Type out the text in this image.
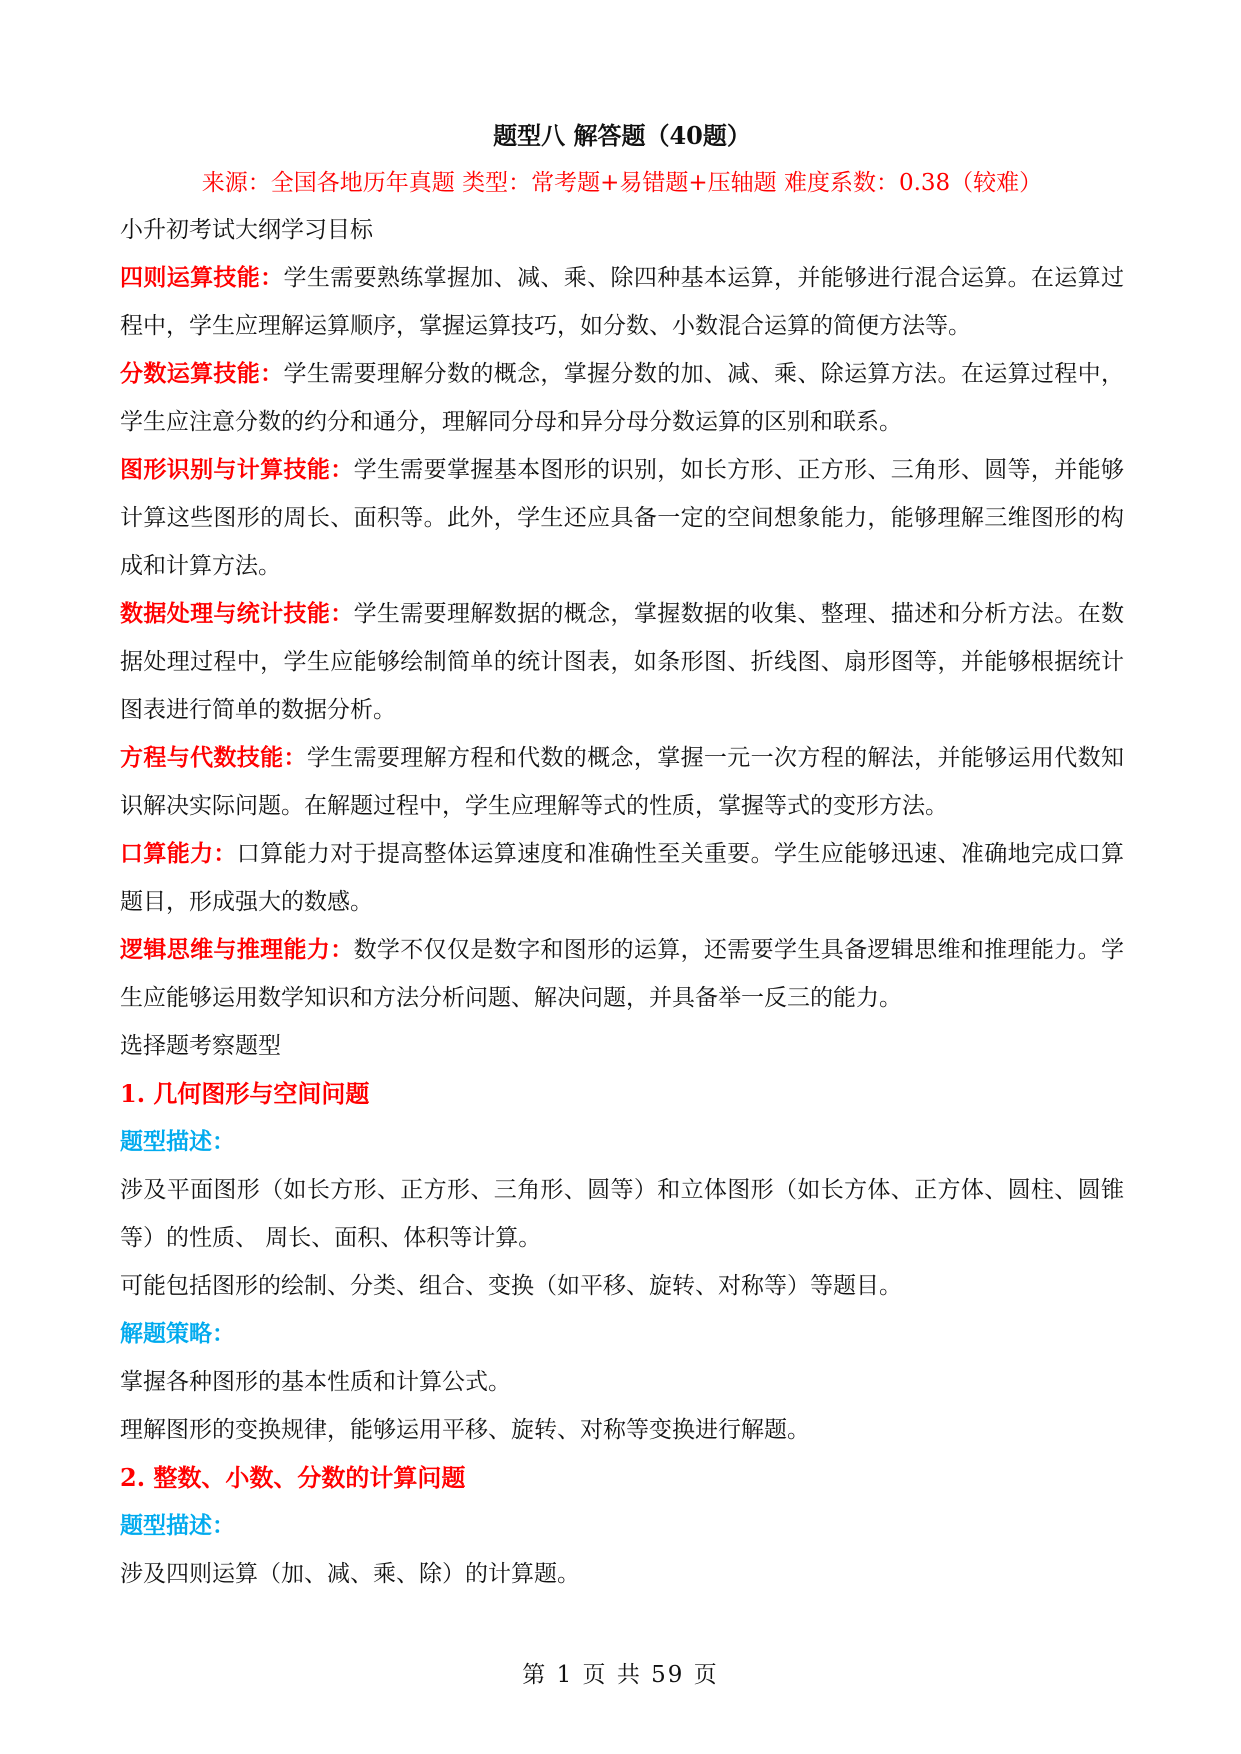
题型八 解答题（40题）
来源：全国各地历年真题 类型：常考题+易错题+压轴题 难度系数：0.38（较难）
小升初考试大纲学习目标

四则运算技能：学生需要熟练掌握加、减、乘、除四种基本运算，并能够进行混合运算。在运算过程中，学生应理解运算顺序，掌握运算技巧，如分数、小数混合运算的简便方法等。

分数运算技能：学生需要理解分数的概念，掌握分数的加、减、乘、除运算方法。在运算过程中，学生应注意分数的约分和通分，理解同分母和异分母分数运算的区别和联系。

图形识别与计算技能：学生需要掌握基本图形的识别，如长方形、正方形、三角形、圆等，并能够计算这些图形的周长、面积等。此外，学生还应具备一定的空间想象能力，能够理解三维图形的构成和计算方法。

数据处理与统计技能：学生需要理解数据的概念，掌握数据的收集、整理、描述和分析方法。在数据处理过程中，学生应能够绘制简单的统计图表，如条形图、折线图、扇形图等，并能够根据统计图表进行简单的数据分析。

方程与代数技能：学生需要理解方程和代数的概念，掌握一元一次方程的解法，并能够运用代数知识解决实际问题。在解题过程中，学生应理解等式的性质，掌握等式的变形方法。

口算能力：口算能力对于提高整体运算速度和准确性至关重要。学生应能够迅速、准确地完成口算题目，形成强大的数感。

逻辑思维与推理能力：数学不仅仅是数字和图形的运算，还需要学生具备逻辑思维和推理能力。学生应能够运用数学知识和方法分析问题、解决问题，并具备举一反三的能力。

选择题考察题型
1. 几何图形与空间问题
题型描述：

涉及平面图形（如长方形、正方形、三角形、圆等）和立体图形（如长方体、正方体、圆柱、圆锥等）的性质、 周长、面积、体积等计算。

可能包括图形的绘制、分类、组合、变换（如平移、旋转、对称等）等题目。

解题策略：

掌握各种图形的基本性质和计算公式。

理解图形的变换规律，能够运用平移、旋转、对称等变换进行解题。

2. 整数、小数、分数的计算问题
题型描述：

涉及四则运算（加、减、乘、除）的计算题。

第 1 页 共 59 页
